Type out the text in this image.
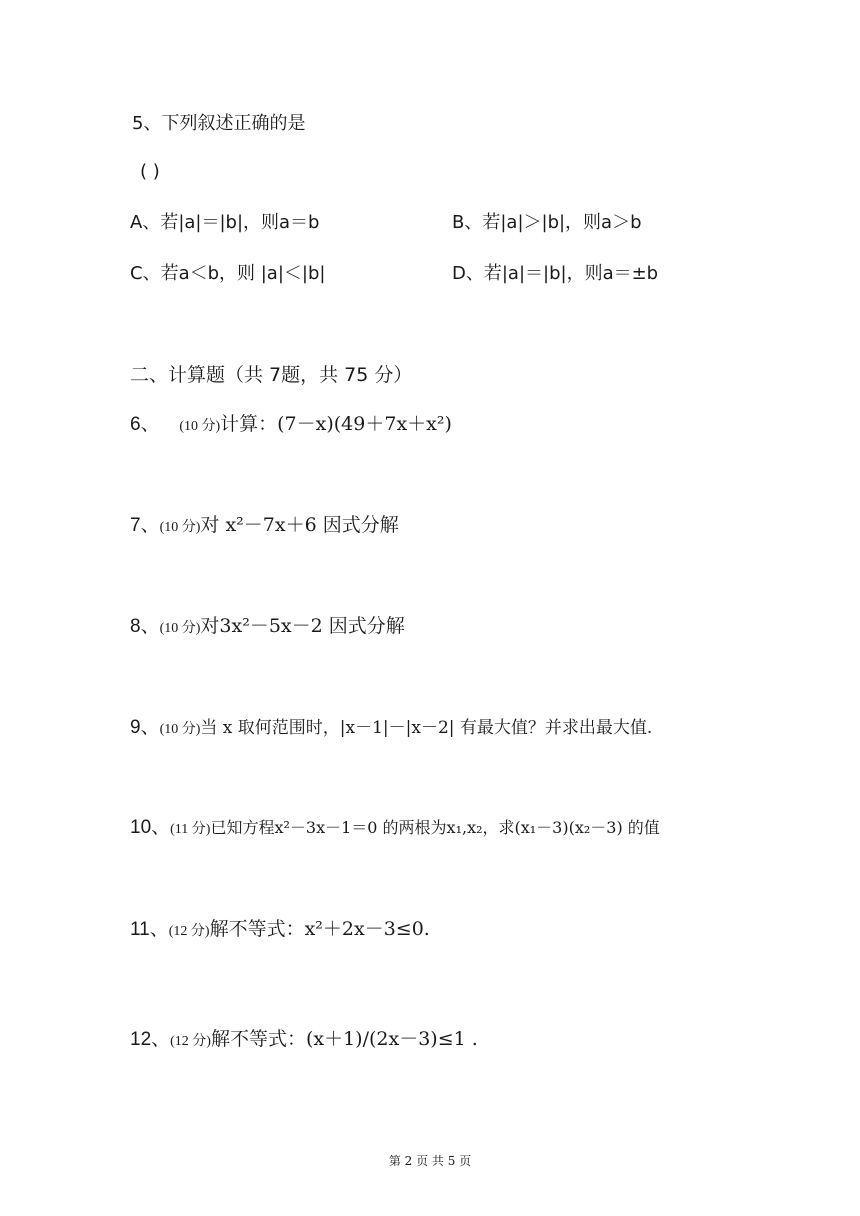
5、下列叙述正确的是
( )
A、若|a|＝|b|，则a＝b	B、若|a|＞|b|，则a＞b
C、若a＜b，则 |a|＜|b|	D、若|a|＝|b|，则a＝±b
二、计算题（共 7题，共 75 分）
6、 (10 分)计算：(7－x)(49＋7x＋x²)
7、(10 分)对 x²－7x＋6 因式分解
8、(10 分)对3x²－5x－2 因式分解
9、(10 分)当 x 取何范围时，|x－1|－|x－2| 有最大值？并求出最大值.
10、(11 分)已知方程x²－3x－1＝0 的两根为x₁,x₂，求(x₁－3)(x₂－3) 的值
11、(12 分)解不等式：x²＋2x－3≤0.
12、(12 分)解不等式：(x＋1)/(2x－3)≤1 .
第 2 页 共 5 页
